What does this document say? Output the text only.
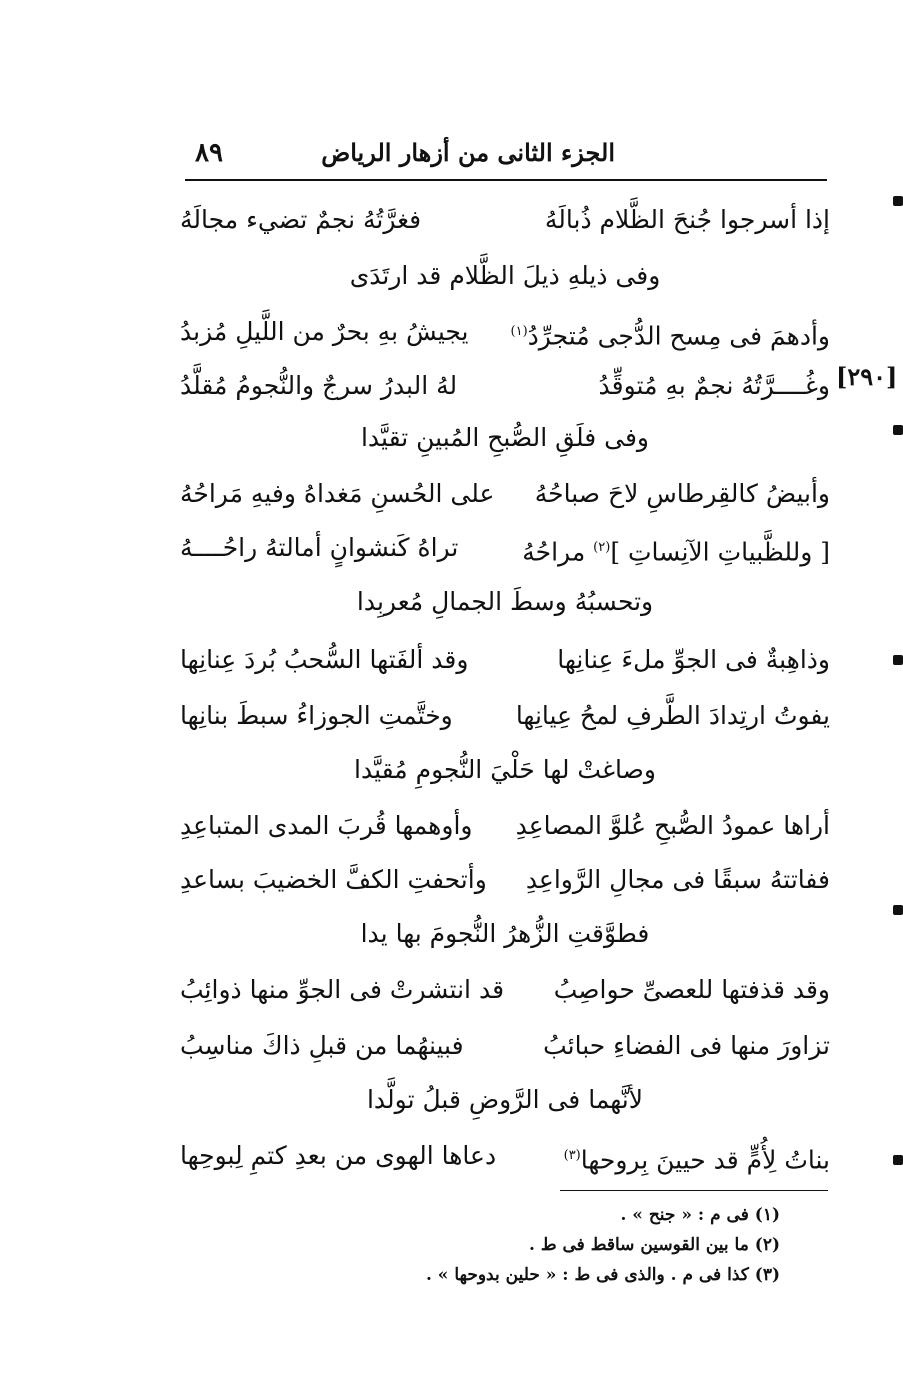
الجزء الثانى من أزهار الرياض
٨٩
[٢٩٠]
إذا أسرجوا جُنحَ الظَّلام ذُبالَهُ
فغرَّتُهُ نجمٌ تضيء مجالَهُ
وفى ذيلهِ ذيلَ الظَّلام قد ارتَدَى
وأدهمَ فى مِسح الدُّجى مُتجرِّدُ$^{(١)}$
يجيشُ بهِ بحرٌ من اللَّيلِ مُزبدُ
وغُــــرَّتُهُ نجمٌ بهِ مُتوقِّدُ
لهُ البدرُ سرجٌ والنُّجومُ مُقلَّدُ
وفى فلَقِ الصُّبحِ المُبينِ تقيَّدا
وأبيضُ كالقِرطاسِ لاحَ صباحُهُ
على الحُسنِ مَغداهُ وفيهِ مَراحُهُ
[ وللظَّبياتِ الآنِساتِ ]$^{(٢)}$ مراحُهُ
تراهُ كَنشوانٍ أمالتهُ راحُــــهُ
وتحسبُهُ وسطَ الجمالِ مُعربِدا
وذاهِبةٌ فى الجوِّ ملءَ عِنانِها
وقد ألفَتها السُّحبُ بُردَ عِنانِها
يفوتُ ارتِدادَ الطَّرفِ لمحُ عِيانِها
وختَّمتِ الجوزاءُ سبطَ بنانِها
وصاغتْ لها حَلْيَ النُّجومِ مُقيَّدا
أراها عمودُ الصُّبحِ عُلوَّ المصاعِدِ
وأوهمها قُربَ المدى المتباعِدِ
ففاتتهُ سبقًا فى مجالِ الرَّواعِدِ
وأتحفتِ الكفَّ الخضيبَ بساعدِ
فطوَّقتِ الزُّهرُ النُّجومَ بها يدا
وقد قذفتها للعصىِّ حواصِبُ
قد انتشرتْ فى الجوِّ منها ذوائِبُ
تزاورَ منها فى الفضاءِ حبائبُ
فبينهُما من قبلِ ذاكَ مناسِبُ
لأنَّهما فى الرَّوضِ قبلُ تولَّدا
بناتُ لِأُمٍّ قد حيينَ بِروحها$^{(٣)}$
دعاها الهوى من بعدِ كتمِ لِبوحِها
(١) فى م : « جنح » .
(٢) ما بين القوسين ساقط فى ط .
(٣) كذا فى م . والذى فى ط : « حلين بدوحها » .
